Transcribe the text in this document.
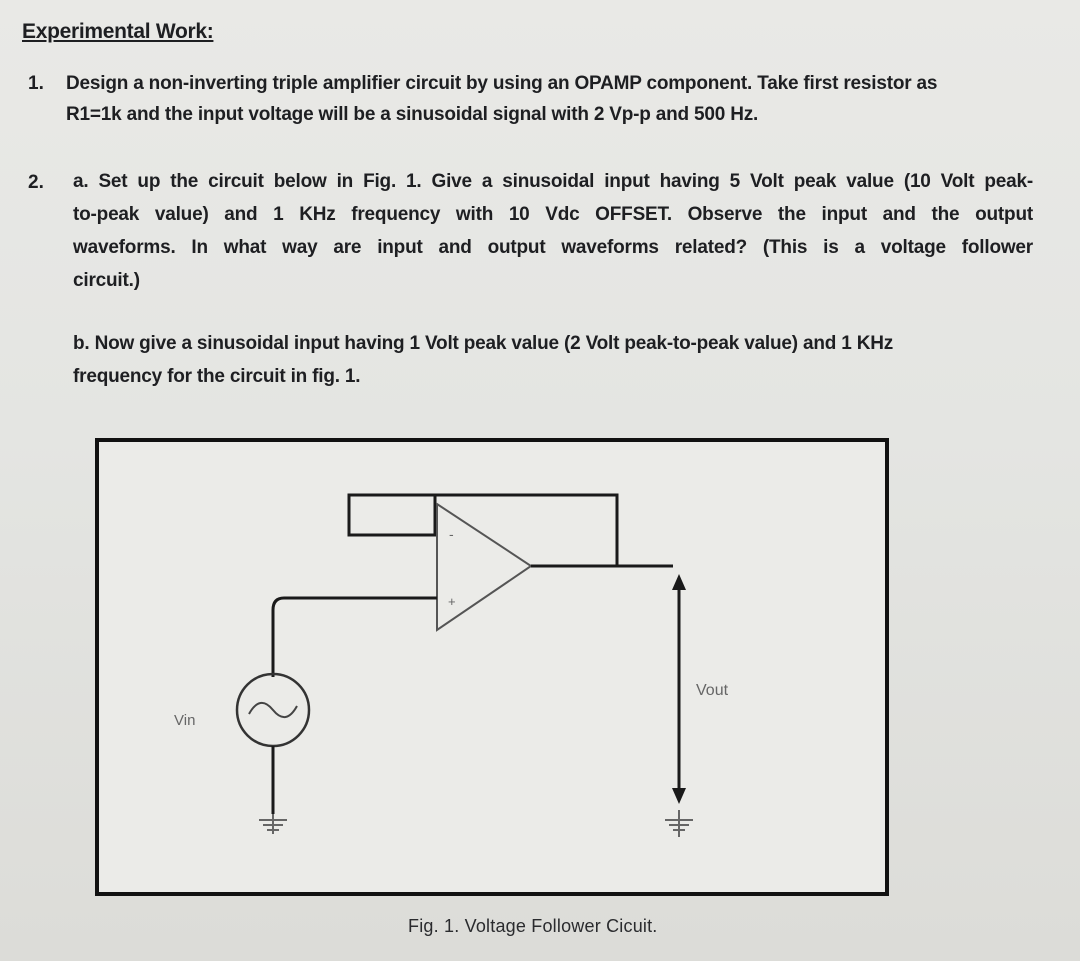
Experimental Work:
1. Design a non-inverting triple amplifier circuit by using an OPAMP component. Take first resistor as
R1=1k and the input voltage will be a sinusoidal signal with 2 Vp-p and 500 Hz.
2. a. Set up the circuit below in Fig. 1. Give a sinusoidal input having 5 Volt peak value (10 Volt peak-
to-peak value) and 1 KHz frequency with 10 Vdc OFFSET. Observe the input and the output
waveforms. In what way are input and output waveforms related? (This is a voltage follower
circuit.)
b. Now give a sinusoidal input having 1 Volt peak value (2 Volt peak-to-peak value) and 1 KHz
frequency for the circuit in fig. 1.
-
+
Vin
Vout
Fig. 1. Voltage Follower Cicuit.
